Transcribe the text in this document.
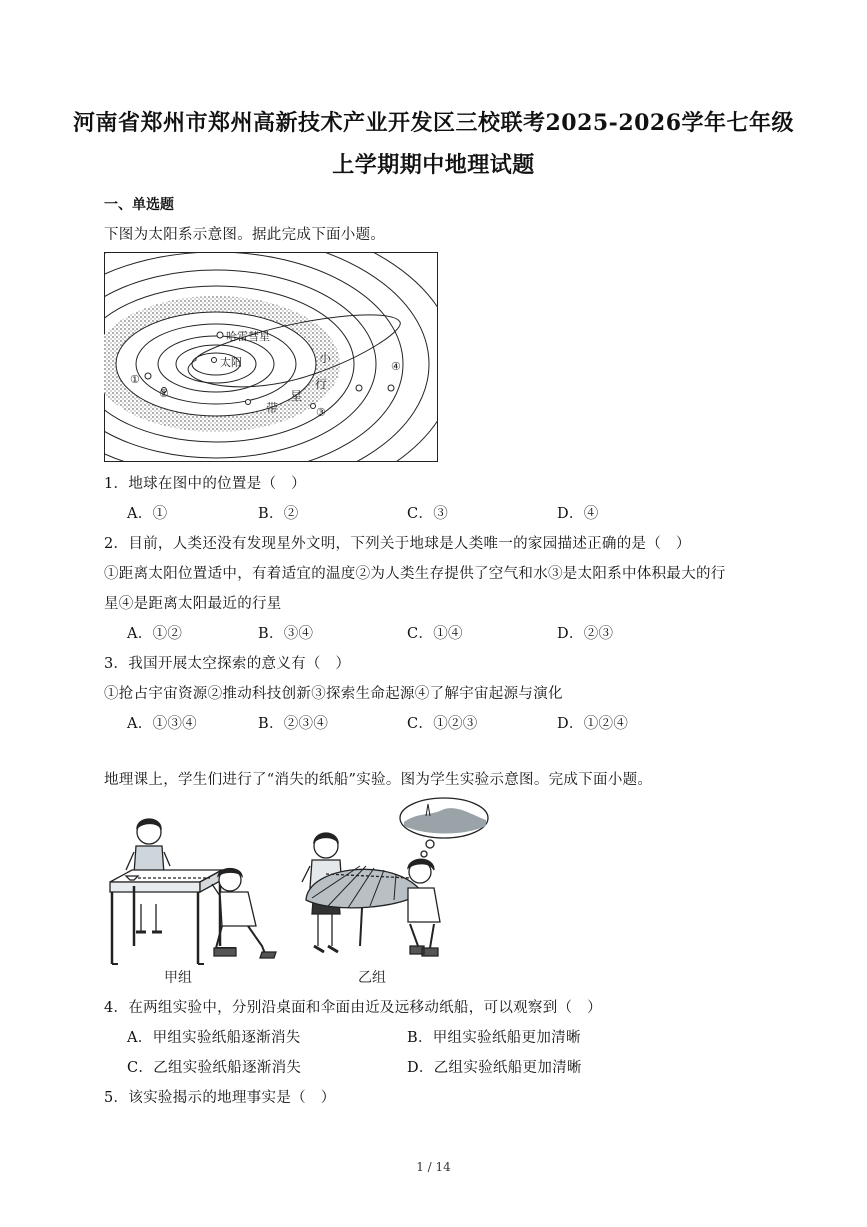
河南省郑州市郑州高新技术产业开发区三校联考2025-2026学年七年级
上学期期中地理试题
一、单选题
下图为太阳系示意图。据此完成下面小题。
哈雷彗星
太阳	小
行
星
带
①
②
③
④
1．地球在图中的位置是（　）
A．①	B．②	C．③	D．④
2．目前，人类还没有发现星外文明，下列关于地球是人类唯一的家园描述正确的是（　）
①距离太阳位置适中，有着适宜的温度②为人类生存提供了空气和水③是太阳系中体积最大的行
星④是距离太阳最近的行星
A．①②	B．③④	C．①④	D．②③
3．我国开展太空探索的意义有（　）
①抢占宇宙资源②推动科技创新③探索生命起源④了解宇宙起源与演化
A．①③④	B．②③④	C．①②③	D．①②④
地理课上，学生们进行了“消失的纸船”实验。图为学生实验示意图。完成下面小题。
甲组	乙组
4．在两组实验中，分别沿桌面和伞面由近及远移动纸船，可以观察到（　）
A．甲组实验纸船逐渐消失	B．甲组实验纸船更加清晰
C．乙组实验纸船逐渐消失	D．乙组实验纸船更加清晰
5．该实验揭示的地理事实是（　）
1 / 14
